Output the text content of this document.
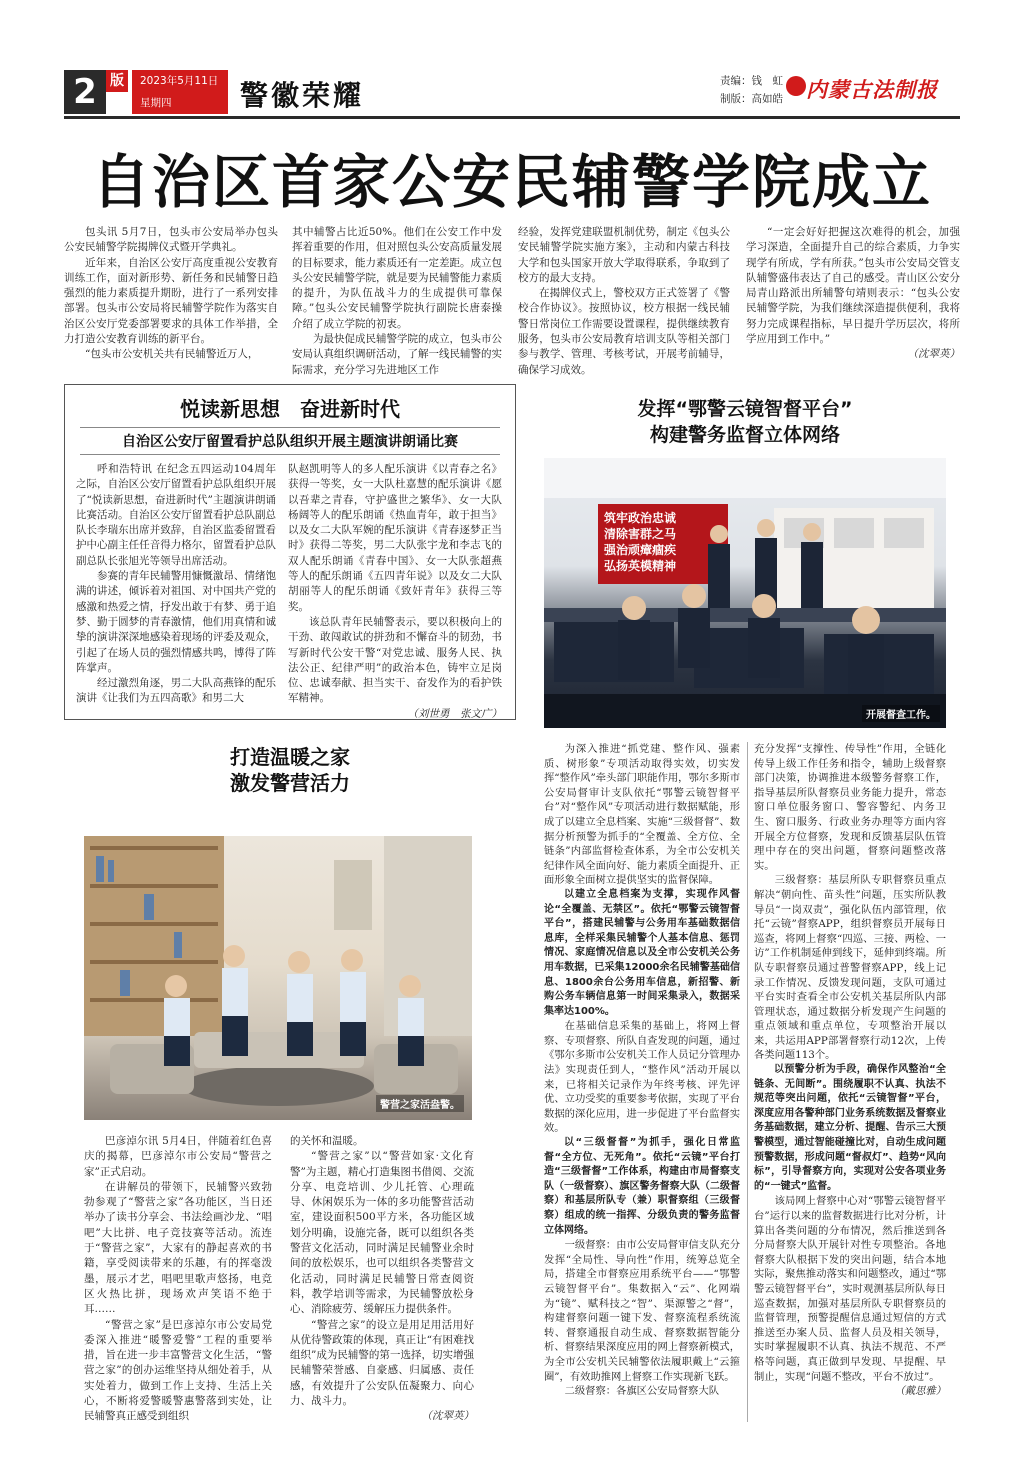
2 版	2023年5月11日
星期四	警徽荣耀	责编：钱　虹
制版：高如皓 内蒙古法制报
自治区首家公安民辅警学院成立

包头讯 5月7日，包头市公安局举办包头公安民辅警学院揭牌仪式暨开学典礼。

近年来，自治区公安厅高度重视公安教育训练工作，面对新形势、新任务和民辅警日趋强烈的能力素质提升期盼，进行了一系列安排部署。包头市公安局将民辅警学院作为落实自治区公安厅党委部署要求的具体工作举措，全力打造公安教育训练的新平台。

“包头市公安机关共有民辅警近万人，

其中辅警占比近50%。他们在公安工作中发挥着重要的作用，但对照包头公安高质量发展的目标要求，能力素质还有一定差距。成立包头公安民辅警学院，就是要为民辅警能力素质的提升，为队伍战斗力的生成提供可靠保障。”包头公安民辅警学院执行副院长唐泰操介绍了成立学院的初衷。

为最快促成民辅警学院的成立，包头市公安局认真组织调研活动，了解一线民辅警的实际需求，充分学习先进地区工作

经验，发挥党建联盟机制优势，制定《包头公安民辅警学院实施方案》，主动和内蒙古科技大学和包头国家开放大学取得联系，争取到了校方的最大支持。

在揭牌仪式上，警校双方正式签署了《警校合作协议》。按照协议，校方根据一线民辅警日常岗位工作需要设置课程，提供继续教育服务，包头市公安局教育培训支队等相关部门参与教学、管理、考核考试，开展考前辅导，确保学习成效。

“一定会好好把握这次难得的机会，加强学习深造，全面提升自己的综合素质，力争实现学有所成，学有所获。”包头市公安局交管支队辅警盛伟表达了自己的感受。青山区公安分局青山路派出所辅警句靖则表示：“包头公安民辅警学院，为我们继续深造提供便利，我将努力完成课程指标，早日提升学历层次，将所学应用到工作中。”

（沈翠英）
悦读新思想　奋进新时代
自治区公安厅留置看护总队组织开展主题演讲朗诵比赛

呼和浩特讯 在纪念五四运动104周年之际，自治区公安厅留置看护总队组织开展了“悦读新思想，奋进新时代”主题演讲朗诵比赛活动。自治区公安厅留置看护总队副总队长李瑞东出席并致辞，自治区监委留置看护中心副主任任音得力格尔，留置看护总队副总队长张旭光等领导出席活动。

参赛的青年民辅警用慷慨激昂、情绪饱满的讲述，倾诉着对祖国、对中国共产党的感激和热爱之情，抒发出敢于有梦、勇于追梦、勤于圆梦的青春激情，他们用真情和诚挚的演讲深深地感染着现场的评委及观众，引起了在场人员的强烈情感共鸣，博得了阵阵掌声。

经过激烈角逐，男二大队高燕锋的配乐演讲《让我们为五四高歌》和男二大

队赵凯明等人的多人配乐演讲《以青春之名》获得一等奖，女一大队杜嘉慧的配乐演讲《愿以吾辈之青春，守护盛世之繁华》、女一大队杨阔等人的配乐朗诵《热血青年，敢于担当》以及女二大队军婉的配乐演讲《青春逐梦正当时》获得二等奖，男二大队张宇龙和李志飞的双人配乐朗诵《青春中国》、女一大队张超燕等人的配乐朗诵《五四青年说》以及女二大队胡丽等人的配乐朗诵《致奸青年》获得三等奖。

该总队青年民辅警表示，要以积极向上的干劲、敢闯敢试的拼劲和不懈奋斗的韧劲，书写新时代公安干警“对党忠诚、服务人民、执法公正、纪律严明”的政治本色，铸牢立足岗位、忠诚奉献、担当实干、奋发作为的看护铁军精神。

（刘世勇　张文广）
打造温暖之家
激发警营活力
警营之家活盎警。

巴彦淖尔讯 5月4日，伴随着红色喜庆的揭幕，巴彦淖尔市公安局“警营之家”正式启动。

在讲解员的带领下，民辅警兴致勃勃参观了“警营之家”各功能区，当日还举办了读书分享会、书法绘画沙龙、“唱吧”大比拼、电子竞技赛等活动。流连于“警营之家”，大家有的静起喜欢的书籍，享受阅读带来的乐趣，有的挥毫泼墨，展示才艺，唱吧里歌声悠扬，电竞区火热比拼，现场欢声笑语不绝于耳……

“警营之家”是巴彦淖尔市公安局党委深入推进“暖警爱警”工程的重要举措，旨在进一步丰富警营文化生活，“警营之家”的创办运维坚持从细处着手，从实处着力，做到工作上支持、生活上关心，不断将爱警暖警惠警落到实处，让民辅警真正感受到组织

的关怀和温暖。

“警营之家”以“警营如家·文化育警”为主题，精心打造集图书借阅、交流分享、电竞培训、少儿托管、心理疏导、休闲娱乐为一体的多功能警营活动室，建设面积500平方米，各功能区域划分明确，设施完备，既可以组织各类警营文化活动，同时满足民辅警业余时间的放松娱乐，也可以组织各类警营文化活动，同时满足民辅警日常查阅资料，教学培训等需求，为民辅警放松身心、消除疲劳、缓解压力提供条件。

“警营之家”的设立是用足用活用好从优待警政策的体现，真正让“有困难找组织”成为民辅警的第一选择，切实增强民辅警荣誉感、自豪感、归属感、责任感，有效提升了公安队伍凝聚力、向心力、战斗力。

（沈翠英）
发挥“鄂警云镜智督平台”
构建警务监督立体网络
筑牢政治忠诚
清除害群之马
强治顽瘴痼疾
弘扬英模精神
开展督查工作。

为深入推进“抓党建、整作风、强素质、树形象”专项活动取得实效，切实发挥“整作风”牵头部门职能作用，鄂尔多斯市公安局督审计支队依托“鄂警云镜智督平台”对“整作风”专项活动进行数据赋能，形成了以建立全息档案、实施“三级督督”、数据分析预警为抓手的“全覆盖、全方位、全链条”内部监督检查体系，为全市公安机关纪律作风全面向好、能力素质全面提升、正面形象全面树立提供坚实的监督保障。

以建立全息档案为支撑，实现作风督论“全覆盖、无禁区”。依托“鄂警云镜智督平台”，搭建民辅警与公务用车基础数据信息库，全样采集民辅警个人基本信息、惩罚情况、家庭情况信息以及全市公安机关公务用车数据，已采集12000余名民辅警基础信息、1800余台公务用车信息，新招警、新购公务车辆信息第一时间采集录入，数据采集率达100%。

在基础信息采集的基础上，将网上督察、专项督察、所队自查发现的问题，通过《鄂尔多斯市公安机关工作人员记分管理办法》实现责任到人，“整作风”活动开展以来，已将相关记录作为年终考核、评先评优、立功受奖的重要参考依据，实现了平台数据的深化应用，进一步促进了平台监督实效。

以“三级督督”为抓手，强化日常监督“全方位、无死角”。依托“云镜”平台打造“三级督督”工作体系，构建由市局督察支队（一级督察）、旗区警务督察大队（二级督察）和基层所队专（兼）职督察组（三级督察）组成的统一指挥、分级负责的警务监督立体网络。

一级督察：由市公安局督审信支队充分发挥“全局性、导向性”作用，统筹总览全局，搭建全市督察应用系统平台——“鄂警云镜智督平台”。集数据入“云”、化网端为“镜”、赋科技之“智”、渠源警之“督”，构建督察问题一键下发、督察流程系统流转、督察通报自动生成、督察数据智能分析、督察结果深度应用的网上督察新模式，为全市公安机关民辅警依法履职戴上“云箍圈”，有效助推网上督察工作实现新飞跃。

二级督察：各旗区公安局督察大队

充分发挥“支撑性、传导性”作用，全链化传导上级工作任务和指令，辅助上级督察部门决策，协调推进本级警务督察工作，指导基层所队督察员业务能力提升，常态窗口单位服务窗口、警容警纪、内务卫生、窗口服务、行政业务办理等方面内容开展全方位督察，发现和反馈基层队伍管理中存在的突出问题，督察问题整改落实。

三级督察：基层所队专职督察员重点解决“朝向性、苗头性”问题，压实所队教导员“一岗双责”，强化队伍内部管理，依托“云镜”督察APP，组织督察员开展每日巡查，将网上督察“四巡、三接、两检、一访”工作机制延伸到线下，延伸到终端。所队专职督察员通过普警督察APP，线上记录工作情况、反馈发现问题，支队可通过平台实时查看全市公安机关基层所队内部管理状态，通过数据分析发现产生问题的重点领域和重点单位，专项整治开展以来，共运用APP部署督察行动12次，上传各类问题113个。

以预警分析为手段，确保作风整治“全链条、无间断”。围绕履职不认真、执法不规范等突出问题，依托“云镜智督”平台，深度应用各警种部门业务系统数据及督察业务基础数据，建立分析、提醒、告示三大预警模型，通过智能碰撞比对，自动生成问题预警数据，形成问题“督叔灯”、趋势“风向标”，引导督察方向，实现对公安各项业务的“一键式”监督。

该局网上督察中心对“鄂警云镜智督平台”运行以来的监督数据进行比对分析，计算出各类问题的分布情况，然后推送到各分局督察大队开展针对性专项整治。各地督察大队根据下发的突出问题，结合本地实际，聚焦推动落实和问题整改，通过“鄂警云镜智督平台”，实时观测基层所队每日巡查数据，加强对基层所队专职督察员的监督管理，预警提醒信息通过短信的方式推送至办案人员、监督人员及相关领导，实时掌握履职不认真、执法不规范、不严格等问题，真正做到早发现、早提醒、早制止，实现“问题不整改，平台不放过”。

（戴思雅）
